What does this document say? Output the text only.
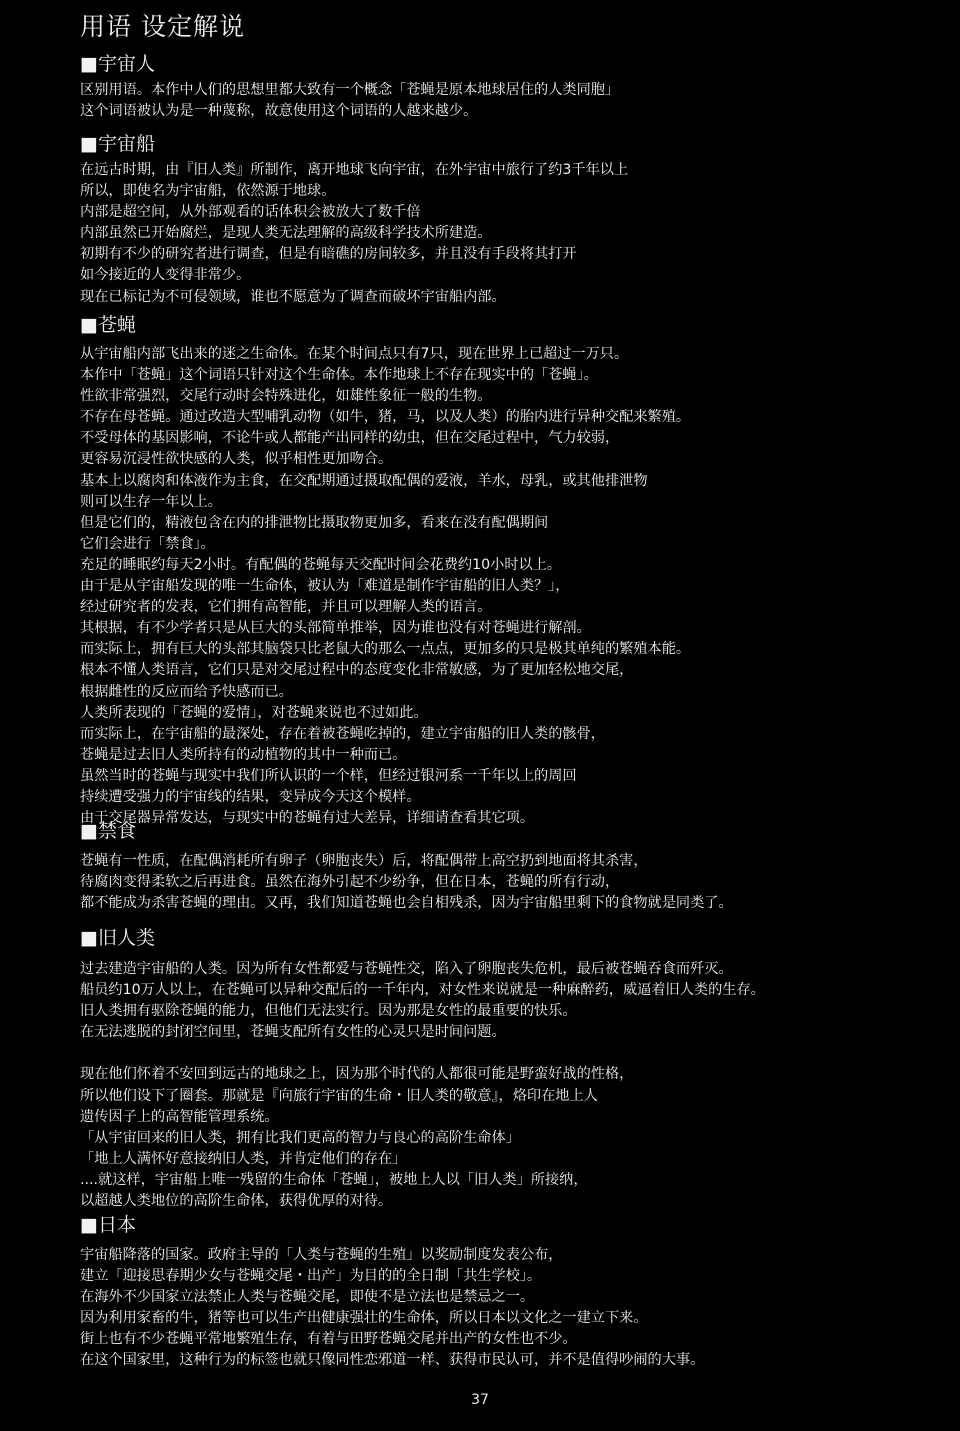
用语 设定解说
■宇宙人
区别用语。本作中人们的思想里都大致有一个概念「苍蝇是原本地球居住的人类同胞」
这个词语被认为是一种蔑称，故意使用这个词语的人越来越少。
■宇宙船
在远古时期，由『旧人类』所制作，离开地球飞向宇宙，在外宇宙中旅行了约3千年以上
所以，即使名为宇宙船，依然源于地球。
内部是超空间，从外部观看的话体积会被放大了数千倍
内部虽然已开始腐烂，是现人类无法理解的高级科学技术所建造。
初期有不少的研究者进行调查，但是有暗礁的房间较多，并且没有手段将其打开
如今接近的人变得非常少。
现在已标记为不可侵领域，谁也不愿意为了调查而破坏宇宙船内部。
■苍蝇
从宇宙船内部飞出来的迷之生命体。在某个时间点只有7只，现在世界上已超过一万只。
本作中「苍蝇」这个词语只针对这个生命体。本作地球上不存在现实中的「苍蝇」。
性欲非常强烈，交尾行动时会特殊进化，如雄性象征一般的生物。
不存在母苍蝇。通过改造大型哺乳动物（如牛，猪，马，以及人类）的胎内进行异种交配来繁殖。
不受母体的基因影响，不论牛或人都能产出同样的幼虫，但在交尾过程中，气力较弱，
更容易沉浸性欲快感的人类，似乎相性更加吻合。
基本上以腐肉和体液作为主食，在交配期通过摄取配偶的爱液，羊水，母乳，或其他排泄物
则可以生存一年以上。
但是它们的，精液包含在内的排泄物比摄取物更加多，看来在没有配偶期间
它们会进行「禁食」。
充足的睡眠约每天2小时。有配偶的苍蝇每天交配时间会花费约10小时以上。
由于是从宇宙船发现的唯一生命体，被认为「难道是制作宇宙船的旧人类？」，
经过研究者的发表，它们拥有高智能，并且可以理解人类的语言。
其根据，有不少学者只是从巨大的头部简单推举，因为谁也没有对苍蝇进行解剖。
而实际上，拥有巨大的头部其脑袋只比老鼠大的那么一点点，更加多的只是极其单纯的繁殖本能。
根本不懂人类语言，它们只是对交尾过程中的态度变化非常敏感，为了更加轻松地交尾，
根据雌性的反应而给予快感而已。
人类所表现的「苍蝇的爱情」，对苍蝇来说也不过如此。
而实际上，在宇宙船的最深处，存在着被苍蝇吃掉的，建立宇宙船的旧人类的骸骨，
苍蝇是过去旧人类所持有的动植物的其中一种而已。
虽然当时的苍蝇与现实中我们所认识的一个样，但经过银河系一千年以上的周回
持续遭受强力的宇宙线的结果，变异成今天这个模样。
由于交尾器异常发达，与现实中的苍蝇有过大差异，详细请查看其它项。
■禁食
苍蝇有一性质，在配偶消耗所有卵子（卵胞丧失）后，将配偶带上高空扔到地面将其杀害，
待腐肉变得柔软之后再进食。虽然在海外引起不少纷争，但在日本，苍蝇的所有行动，
都不能成为杀害苍蝇的理由。又再，我们知道苍蝇也会自相残杀，因为宇宙船里剩下的食物就是同类了。
■旧人类
过去建造宇宙船的人类。因为所有女性都爱与苍蝇性交，陷入了卵胞丧失危机，最后被苍蝇吞食而歼灭。
船员约10万人以上，在苍蝇可以异种交配后的一千年内，对女性来说就是一种麻醉药，威逼着旧人类的生存。
旧人类拥有驱除苍蝇的能力，但他们无法实行。因为那是女性的最重要的快乐。
在无法逃脱的封闭空间里，苍蝇支配所有女性的心灵只是时间问题。
现在他们怀着不安回到远古的地球之上，因为那个时代的人都很可能是野蛮好战的性格，
所以他们设下了圈套。那就是『向旅行宇宙的生命・旧人类的敬意』，烙印在地上人
遗传因子上的高智能管理系统。
「从宇宙回来的旧人类，拥有比我们更高的智力与良心的高阶生命体」
「地上人满怀好意接纳旧人类，并肯定他们的存在」
....就这样，宇宙船上唯一残留的生命体「苍蝇」，被地上人以「旧人类」所接纳，
以超越人类地位的高阶生命体，获得优厚的对待。
■日本
宇宙船降落的国家。政府主导的「人类与苍蝇的生殖」以奖励制度发表公布，
建立「迎接思春期少女与苍蝇交尾・出产」为目的的全日制「共生学校」。
在海外不少国家立法禁止人类与苍蝇交尾，即使不是立法也是禁忌之一。
因为利用家畜的牛，猪等也可以生产出健康强壮的生命体，所以日本以文化之一建立下来。
街上也有不少苍蝇平常地繁殖生存，有着与田野苍蝇交尾并出产的女性也不少。
在这个国家里，这种行为的标签也就只像同性恋邪道一样、获得市民认可，并不是值得吵闹的大事。
37
